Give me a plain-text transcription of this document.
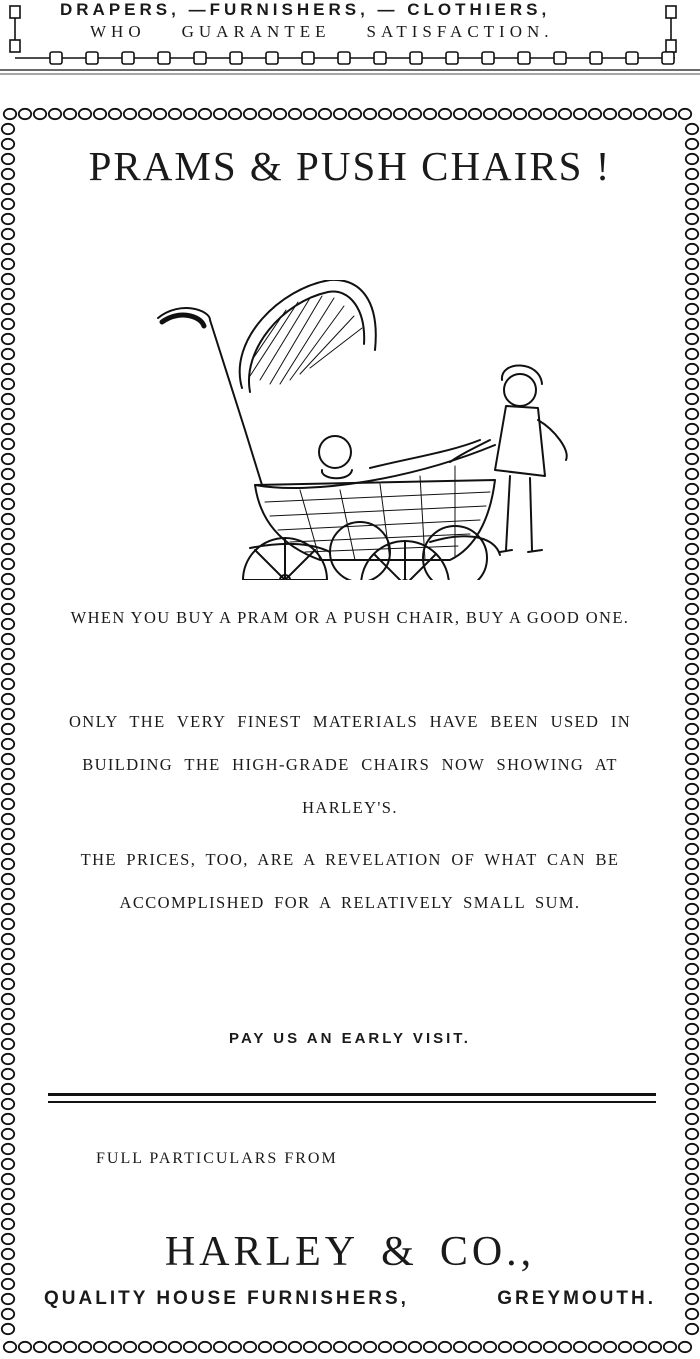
DRAPERS, —FURNISHERS, — CLOTHIERS,
WHO GUARANTEE SATISFACTION.
PRAMS & PUSH CHAIRS !
WHEN YOU BUY A PRAM OR A PUSH CHAIR, BUY A GOOD ONE.
ONLY THE VERY FINEST MATERIALS HAVE BEEN USED IN BUILDING THE HIGH-GRADE CHAIRS NOW SHOWING AT HARLEY'S.
THE PRICES, TOO, ARE A REVELATION OF WHAT CAN BE ACCOMPLISHED FOR A RELATIVELY SMALL SUM.
PAY US AN EARLY VISIT.
FULL PARTICULARS FROM
HARLEY & CO.,
QUALITY HOUSE FURNISHERS,	GREYMOUTH.
